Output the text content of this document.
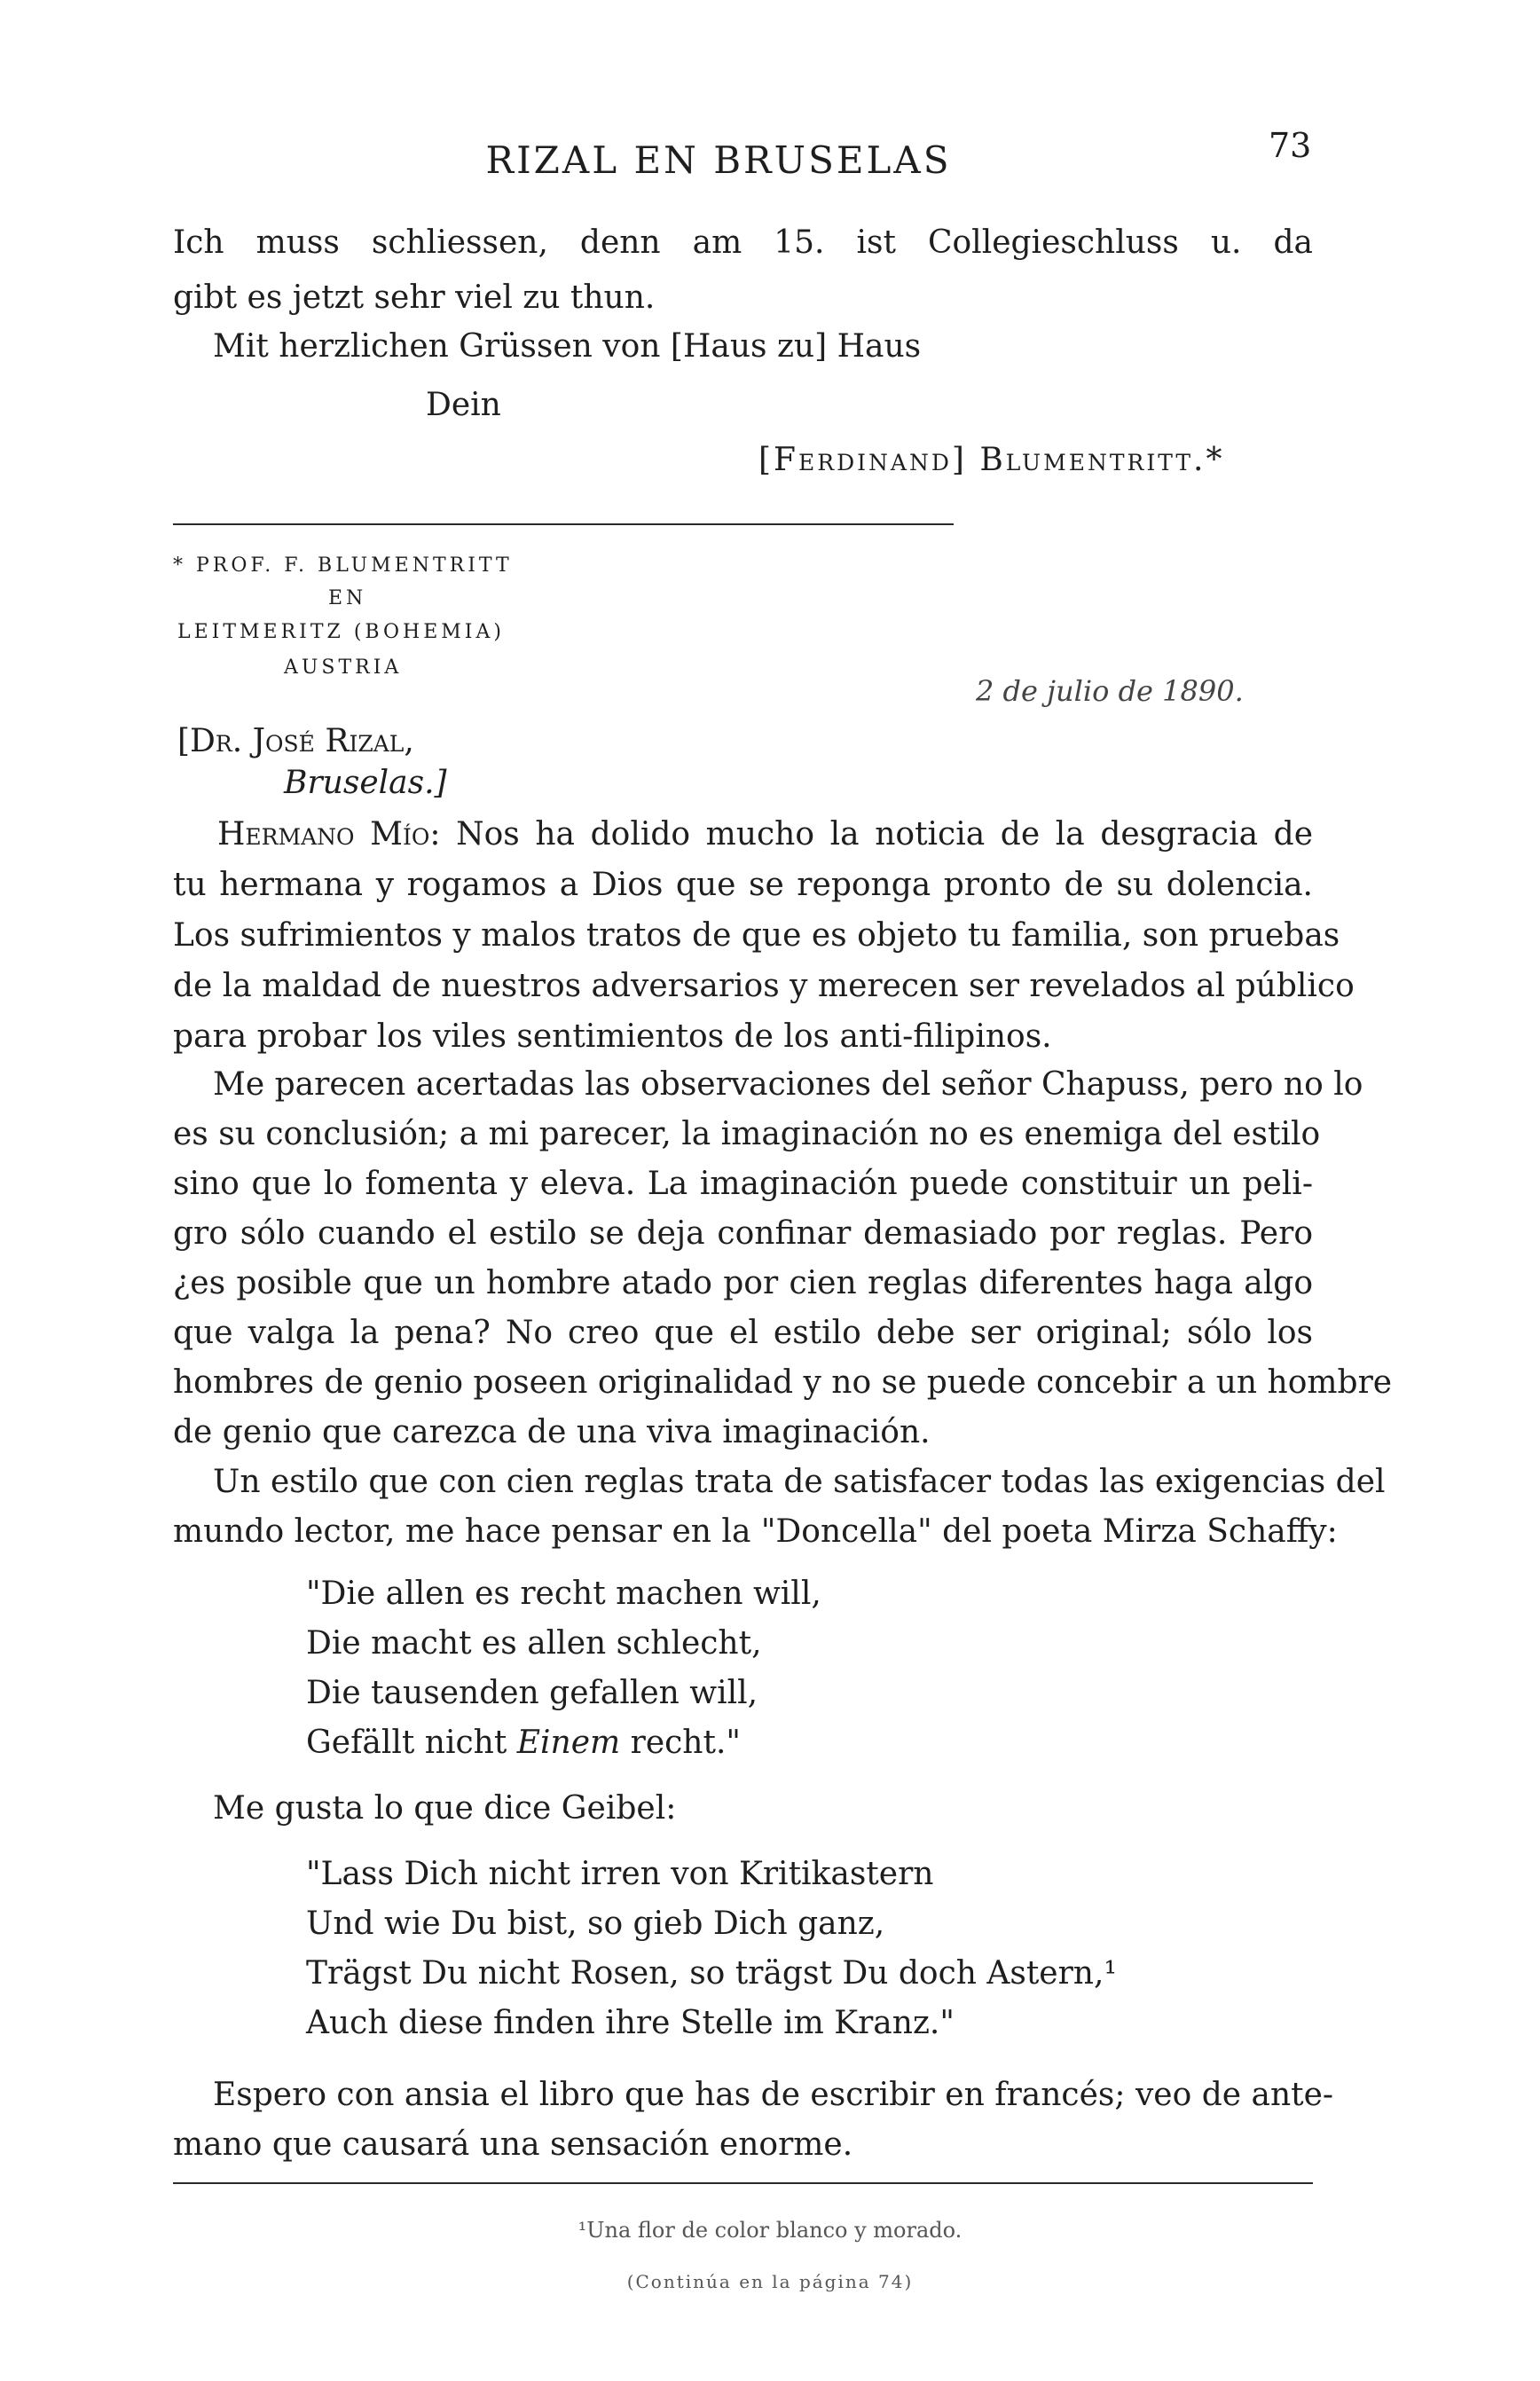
RIZAL EN BRUSELAS	73
Ich muss schliessen, denn am 15. ist Collegieschluss u. da
gibt es jetzt sehr viel zu thun.
Mit herzlichen Grüssen von [Haus zu] Haus
Dein
[Ferdinand] Blumentritt.*
* PROF. F. BLUMENTRITT
EN
LEITMERITZ (BOHEMIA)
AUSTRIA
2 de julio de 1890.
[Dr. José Rizal,
Bruselas.]
Hermano Mío: Nos ha dolido mucho la noticia de la desgracia de
tu hermana y rogamos a Dios que se reponga pronto de su dolencia.
Los sufrimientos y malos tratos de que es objeto tu familia, son pruebas
de la maldad de nuestros adversarios y merecen ser revelados al público
para probar los viles sentimientos de los anti-filipinos.
Me parecen acertadas las observaciones del señor Chapuss, pero no lo
es su conclusión; a mi parecer, la imaginación no es enemiga del estilo
sino que lo fomenta y eleva. La imaginación puede constituir un peli-
gro sólo cuando el estilo se deja confinar demasiado por reglas. Pero
¿es posible que un hombre atado por cien reglas diferentes haga algo
que valga la pena? No creo que el estilo debe ser original; sólo los
hombres de genio poseen originalidad y no se puede concebir a un hombre
de genio que carezca de una viva imaginación.
Un estilo que con cien reglas trata de satisfacer todas las exigencias del
mundo lector, me hace pensar en la "Doncella" del poeta Mirza Schaffy:
"Die allen es recht machen will,
Die macht es allen schlecht,
Die tausenden gefallen will,
Gefällt nicht Einem recht."
Me gusta lo que dice Geibel:
"Lass Dich nicht irren von Kritikastern
Und wie Du bist, so gieb Dich ganz,
Trägst Du nicht Rosen, so trägst Du doch Astern,¹
Auch diese finden ihre Stelle im Kranz."
Espero con ansia el libro que has de escribir en francés; veo de ante-
mano que causará una sensación enorme.
¹Una flor de color blanco y morado.
(Continúa en la página 74)
